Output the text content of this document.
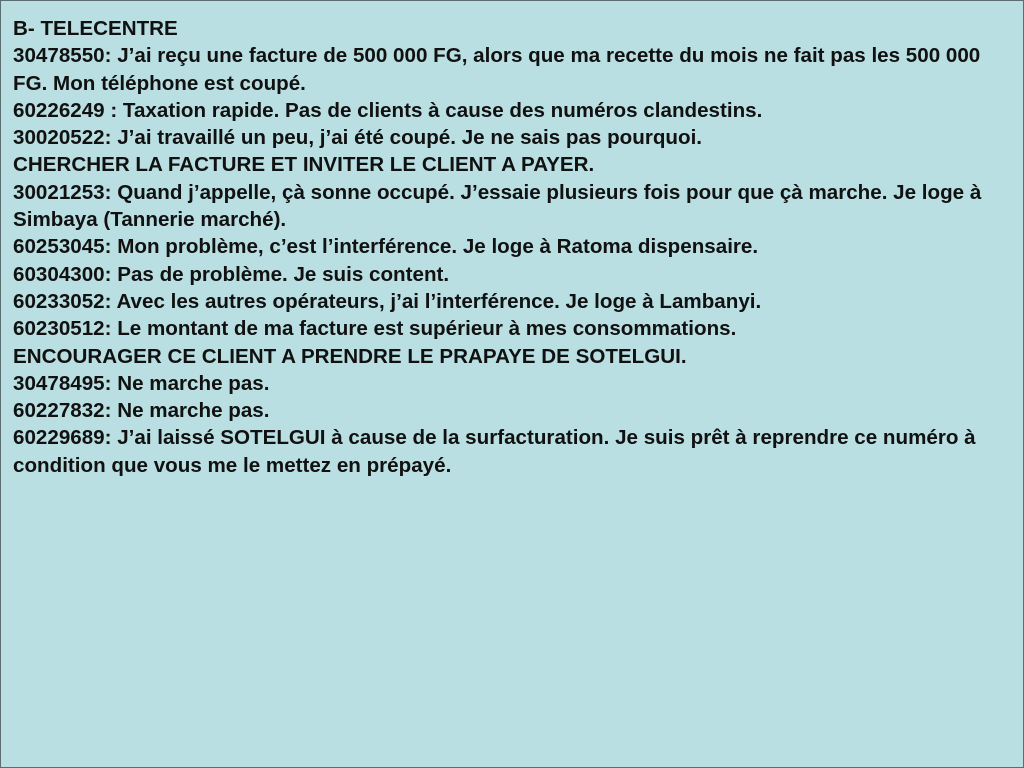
B- TELECENTRE
30478550: J’ai reçu une facture de 500 000 FG, alors que ma recette du mois ne fait pas les 500 000 FG. Mon téléphone est coupé.
60226249 : Taxation rapide. Pas de clients à cause des numéros clandestins.
30020522: J’ai travaillé un peu, j’ai été coupé. Je ne sais pas pourquoi.
CHERCHER LA FACTURE ET INVITER LE CLIENT A PAYER.
30021253: Quand j’appelle, çà sonne occupé. J’essaie plusieurs fois pour que çà marche. Je loge à Simbaya (Tannerie marché).
60253045: Mon problème, c’est l’interférence. Je loge à Ratoma dispensaire.
60304300: Pas de problème. Je suis content.
60233052: Avec les autres opérateurs, j’ai l’interférence. Je loge à Lambanyi.
60230512: Le montant de ma facture est supérieur à mes consommations.
ENCOURAGER CE CLIENT A PRENDRE LE PRAPAYE DE SOTELGUI.
30478495: Ne marche pas.
60227832: Ne marche pas.
60229689: J’ai laissé SOTELGUI à cause de la surfacturation. Je suis prêt à reprendre ce numéro à condition que vous me le mettez en prépayé.
